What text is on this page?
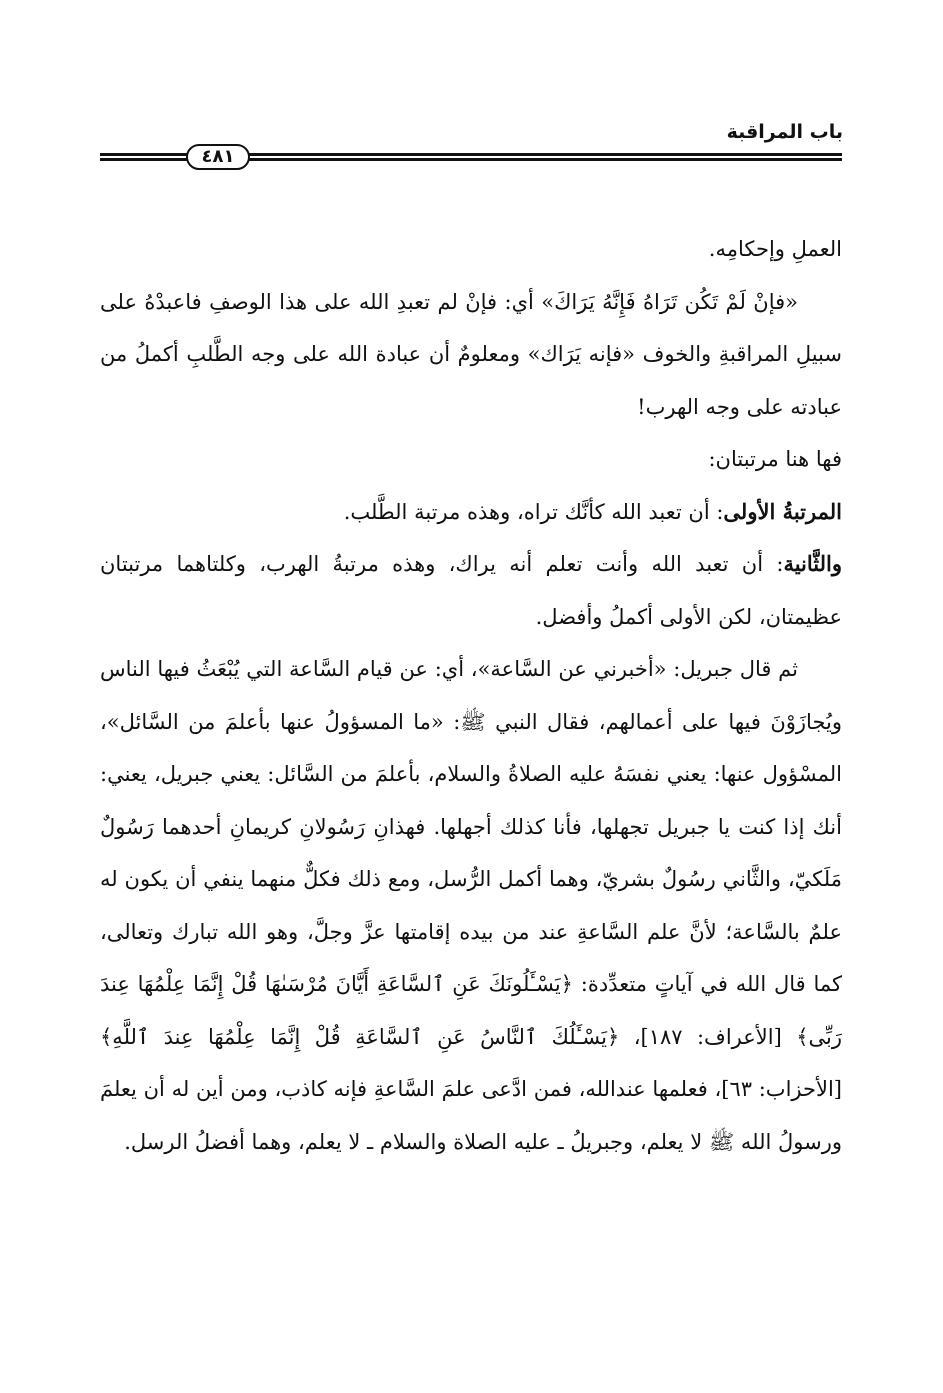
باب المراقبة
٤٨١

العملِ وإحكامِه.

«فإنْ لَمْ تَكُن تَرَاهُ فَإِنَّهُ يَرَاكَ» أي: فإنْ لم تعبدِ الله على هذا الوصفِ فاعبدْهُ على سبيلِ المراقبةِ والخوف «فإنه يَرَاك» ومعلومٌ أن عبادة الله على وجه الطَّلبِ أكملُ من عبادته على وجه الهرب!

فها هنا مرتبتان:

المرتبةُ الأولى: أن تعبد الله كأنَّك تراه، وهذه مرتبة الطَّلب.

والثَّانية: أن تعبد الله وأنت تعلم أنه يراك، وهذه مرتبةُ الهرب، وكلتاهما مرتبتان عظيمتان، لكن الأولى أكملُ وأفضل.

ثم قال جبريل: «أخبرني عن السَّاعة»، أي: عن قيام السَّاعة التي يُبْعَثُ فيها الناس ويُجازَوْنَ فيها على أعمالهم، فقال النبي ﷺ: «ما المسؤولُ عنها بأعلمَ من السَّائل»، المسْؤول عنها: يعني نفسَهُ عليه الصلاةُ والسلام، بأعلمَ من السَّائل: يعني جبريل، يعني: أنك إذا كنت يا جبريل تجهلها، فأنا كذلك أجهلها. فهذانِ رَسُولانِ كريمانِ أحدهما رَسُولٌ مَلَكيّ، والثَّاني رسُولٌ بشريّ، وهما أكمل الرُّسل، ومع ذلك فكلٌّ منهما ينفي أن يكون له علمٌ بالسَّاعة؛ لأنَّ علم السَّاعةِ عند من بيده إقامتها عزَّ وجلَّ، وهو الله تبارك وتعالى، كما قال الله في آياتٍ متعدِّدة: ﴿يَسْـَٔلُونَكَ عَنِ ٱلسَّاعَةِ أَيَّانَ مُرْسَىٰهَا قُلْ إِنَّمَا عِلْمُهَا عِندَ رَبِّى﴾ [الأعراف: ١٨٧]، ﴿يَسْـَٔلُكَ ٱلنَّاسُ عَنِ ٱلسَّاعَةِ قُلْ إِنَّمَا عِلْمُهَا عِندَ ٱللَّهِ﴾ [الأحزاب: ٦٣]، فعلمها عندالله، فمن ادَّعى علمَ السَّاعةِ فإنه كاذب، ومن أين له أن يعلمَ ورسولُ الله ﷺ لا يعلم، وجبريلُ ـ عليه الصلاة والسلام ـ لا يعلم، وهما أفضلُ الرسل.
